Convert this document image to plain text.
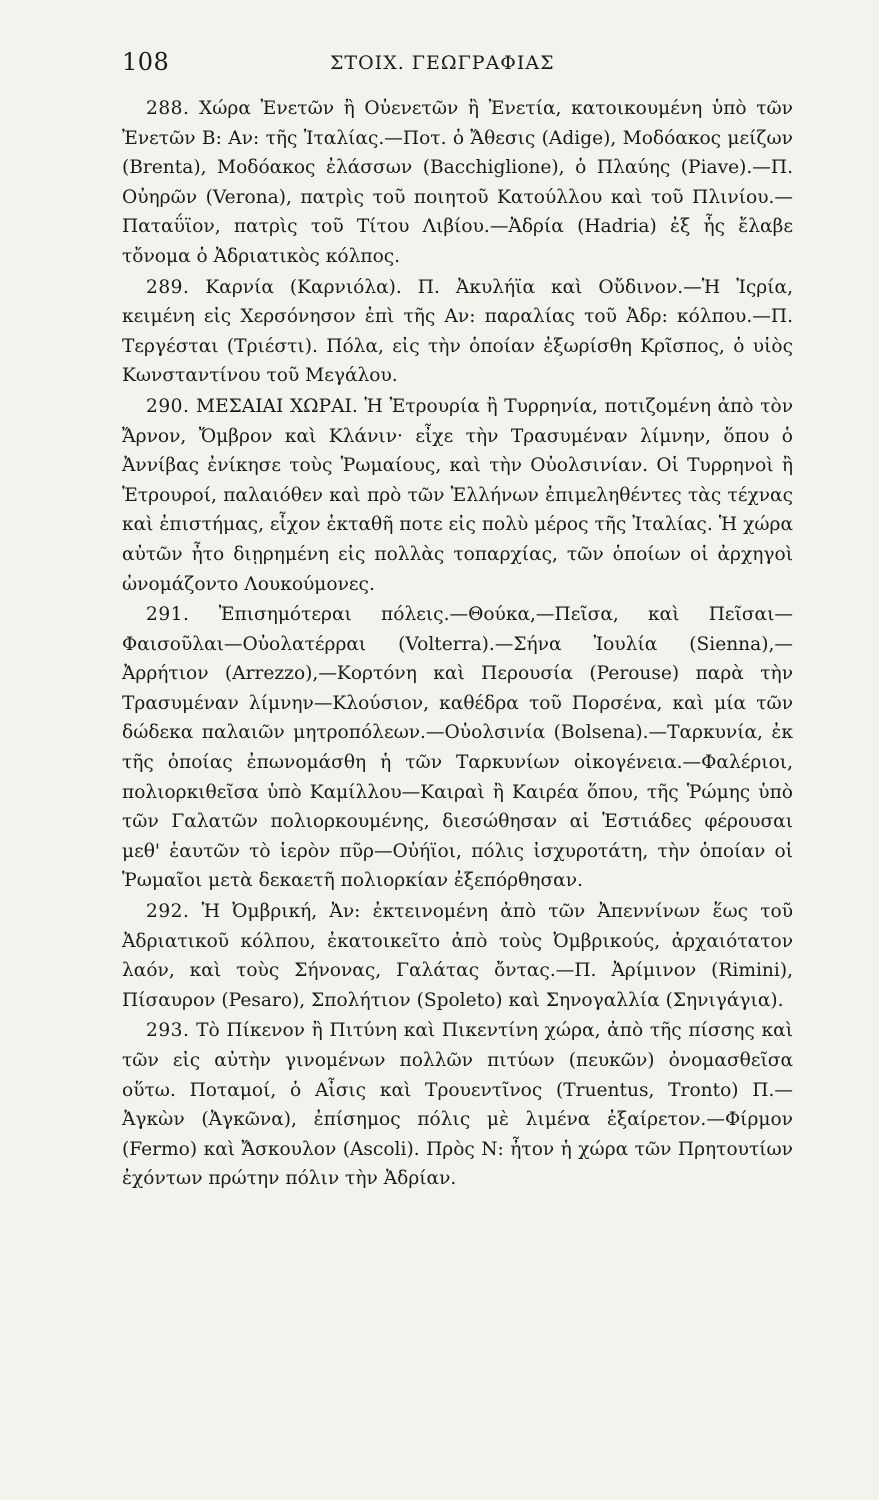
108	ΣΤΟΙΧ. ΓΕΩΓΡΑΦΙΑΣ

288. Χώρα Ἐνετῶν ἢ Οὐενετῶν ἢ Ἐνετία, κατοικουμένη ὑπὸ τῶν Ἐνετῶν Β: Αν: τῆς Ἰταλίας.—Ποτ. ὁ Ἄθεσις (Adige), Μοδόακος μείζων (Brenta), Μοδόακος ἐλάσσων (Bacchiglione), ὁ Πλαύης (Piave).—Π. Οὐηρῶν (Verona), πατρὶς τοῦ ποιητοῦ Κατούλλου καὶ τοῦ Πλινίου.—Παταΰϊον, πατρὶς τοῦ Τίτου Λιβίου.—Ἀδρία (Hadria) ἐξ ἧς ἔλαβε τὄνομα ὁ Ἀδριατικὸς κόλπος.

289. Καρνία (Καρνιόλα). Π. Ἀκυλήϊα καὶ Οὔδινον.—Ἡ Ἰςρία, κειμένη εἰς Χερσόνησον ἐπὶ τῆς Αν: παραλίας τοῦ Ἀδρ: κόλπου.—Π. Τεργέσται (Τριέστι). Πόλα, εἰς τὴν ὁποίαν ἐξωρίσθη Κρῖσπος, ὁ υἱὸς Κωνσταντίνου τοῦ Μεγάλου.

290. ΜΕΣΑΙΑΙ ΧΩΡΑΙ. Ἡ Ἐτρουρία ἢ Τυρρηνία, ποτιζομένη ἀπὸ τὸν Ἄρνον, Ὄμβρον καὶ Κλάνιν· εἶχε τὴν Τρασυμέναν λίμνην, ὅπου ὁ Ἀννίβας ἐνίκησε τοὺς Ῥωμαίους, καὶ τὴν Οὐολσινίαν. Οἱ Τυρρηνοὶ ἢ Ἐτρουροί, παλαιόθεν καὶ πρὸ τῶν Ἑλλήνων ἐπιμεληθέντες τὰς τέχνας καὶ ἐπιστήμας, εἶχον ἐκταθῆ ποτε εἰς πολὺ μέρος τῆς Ἰταλίας. Ἡ χώρα αὐτῶν ἦτο διῃρημένη εἰς πολλὰς τοπαρχίας, τῶν ὁποίων οἱ ἀρχηγοὶ ὠνομάζοντο Λουκούμονες.

291. Ἐπισημότεραι πόλεις.—Θούκα,—Πεῖσα, καὶ Πεῖσαι—Φαισοῦλαι—Οὐολατέρραι (Volterra).—Σήνα Ἰουλία (Sienna),—Ἀρρήτιον (Arrezzo),—Κορτόνη καὶ Περουσία (Perouse) παρὰ τὴν Τρασυμέναν λίμνην—Κλούσιον, καθέδρα τοῦ Πορσένα, καὶ μία τῶν δώδεκα παλαιῶν μητροπόλεων.—Οὐολσινία (Bolsena).—Ταρκυνία, ἐκ τῆς ὁποίας ἐπωνομάσθη ἡ τῶν Ταρκυνίων οἰκογένεια.—Φαλέριοι, πολιορκιθεῖσα ὑπὸ Καμίλλου—Καιραὶ ἢ Καιρέα ὅπου, τῆς Ῥώμης ὑπὸ τῶν Γαλατῶν πολιορκουμένης, διεσώθησαν αἱ Ἑστιάδες φέρουσαι μεθ' ἑαυτῶν τὸ ἱερὸν πῦρ—Οὐήϊοι, πόλις ἰσχυροτάτη, τὴν ὁποίαν οἱ Ῥωμαῖοι μετὰ δεκαετῆ πολιορκίαν ἐξεπόρθησαν.

292. Ἡ Ὀμβρική, Ἀν: ἐκτεινομένη ἀπὸ τῶν Ἀπεννίνων ἕως τοῦ Ἀδριατικοῦ κόλπου, ἐκατοικεῖτο ἀπὸ τοὺς Ὀμβρικούς, ἀρχαιότατον λαόν, καὶ τοὺς Σήνονας, Γαλάτας ὄντας.—Π. Ἀρίμινον (Rimini), Πίσαυρον (Pesaro), Σπολήτιον (Spoleto) καὶ Σηνογαλλία (Σηνιγάγια).

293. Τὸ Πίκενον ἢ Πιτύνη καὶ Πικεντίνη χώρα, ἀπὸ τῆς πίσσης καὶ τῶν εἰς αὐτὴν γινομένων πολλῶν πιτύων (πευκῶν) ὀνομασθεῖσα οὕτω. Ποταμοί, ὁ Αἶσις καὶ Τρουεντῖνος (Truentus, Tronto) Π.—Ἀγκὼν (Ἀγκῶνα), ἐπίσημος πόλις μὲ λιμένα ἐξαίρετον.—Φίρμον (Fermo) καὶ Ἄσκουλον (Ascoli). Πρὸς Ν: ἦτον ἡ χώρα τῶν Πρητουτίων ἐχόντων πρώτην πόλιν τὴν Ἀδρίαν.
